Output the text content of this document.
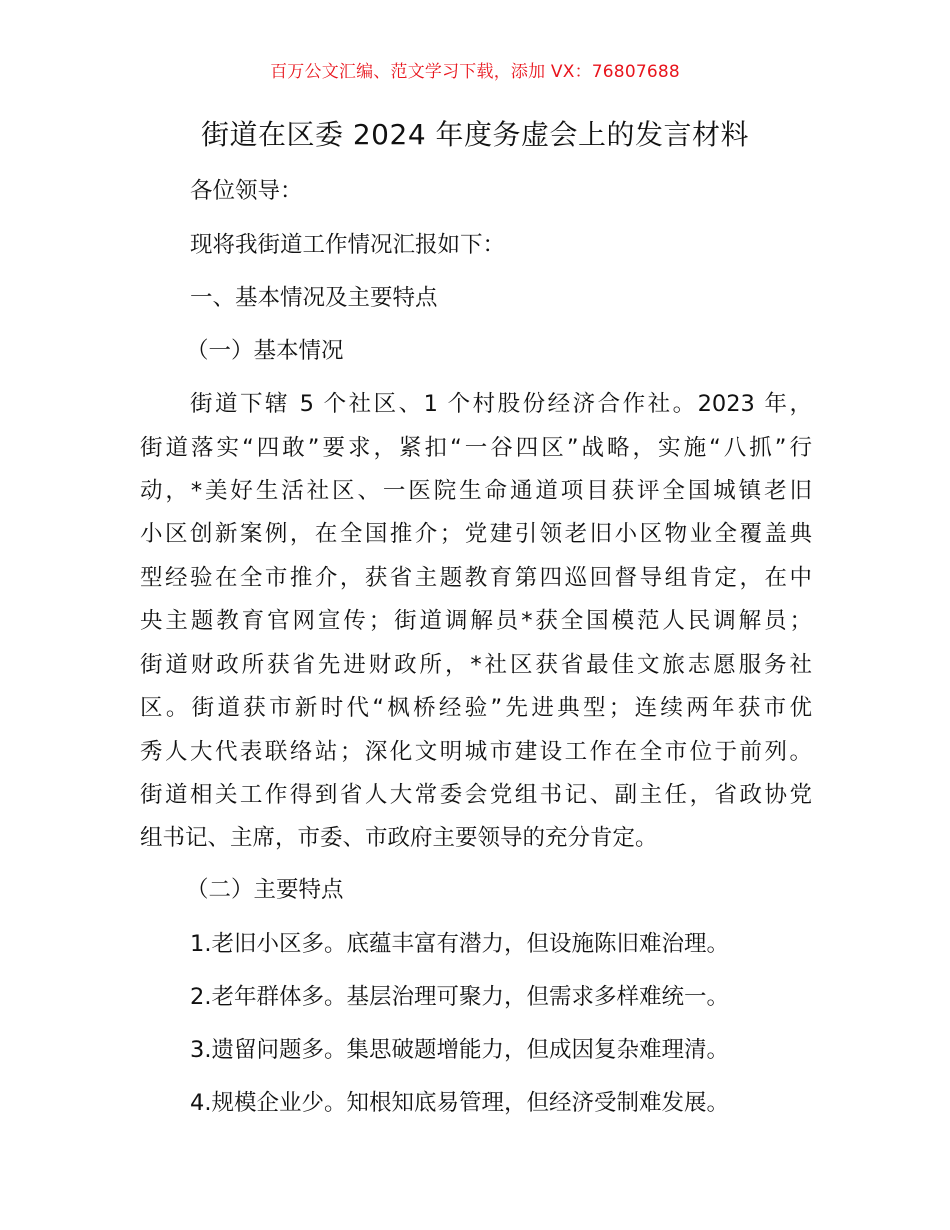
百万公文汇编、范文学习下载，添加 VX：76807688
街道在区委 2024 年度务虚会上的发言材料
各位领导：
现将我街道工作情况汇报如下：
一、基本情况及主要特点
（一）基本情况
街道下辖 5 个社区、1 个村股份经济合作社。2023 年，
街道落实“四敢”要求，紧扣“一谷四区”战略，实施“八抓”行
动，*美好生活社区、一医院生命通道项目获评全国城镇老旧
小区创新案例，在全国推介；党建引领老旧小区物业全覆盖典
型经验在全市推介，获省主题教育第四巡回督导组肯定，在中
央主题教育官网宣传；街道调解员*获全国模范人民调解员；
街道财政所获省先进财政所，*社区获省最佳文旅志愿服务社
区。街道获市新时代“枫桥经验”先进典型；连续两年获市优
秀人大代表联络站；深化文明城市建设工作在全市位于前列。
街道相关工作得到省人大常委会党组书记、副主任，省政协党
组书记、主席，市委、市政府主要领导的充分肯定。
（二）主要特点
1.老旧小区多。底蕴丰富有潜力，但设施陈旧难治理。
2.老年群体多。基层治理可聚力，但需求多样难统一。
3.遗留问题多。集思破题增能力，但成因复杂难理清。
4.规模企业少。知根知底易管理，但经济受制难发展。
